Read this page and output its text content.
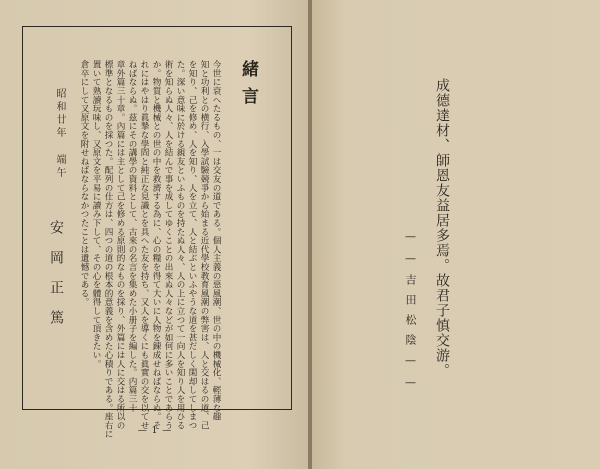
緒言
今世に衰へたるもの、一は交友の道である。個人主義の惡風潮、世の中の機械化、輕薄な趣
知と功利との横行、入學試驗競爭から始まる近代學校教育風潮の弊害は、人と交はるの道、己
を知り、己を修め、人を知り、人を立て、人と結ぶといふやうな道を甚だしく閑却してしまつ
た。深い意味に於ける親友といふものを持たぬ人々、人の上に立つて一向人を知り人を用ひる
術を知らぬ人々、人を結んで事を成してゆくことの出來ぬ人々などが如何に多いことであらう
か。物質と機械との世の中を救濟する為に、心の糧を得て大いに人物を錬成せねばならぬ。そ
れにはやはり眞摯な學問と純正な見識とを具へた友を持ち、又人を導くにも眞實の交を以てせ
ねばならぬ。茲にその講學の資料として、古來の名言を集めた小册子を編した。内篇三十
章外篇三十章。內篇には主として己を修める原則的なものを採り、外篇には人に交はる所以の
標準となるものを採つた。配列の仕方は、四つの道の根本的意義を含めた心積りである。座右に
置いて熟讀玩味し、又原文を平易に讀み下して、その心を體得して頂きたい。
倉卒にして又原文を附せねばならなかつたことは遺憾である。
昭和廿年 端午
安岡正篤
— 1 —
成德達材、師恩友益居多焉。故君子慎交游。
——吉田松陰——
